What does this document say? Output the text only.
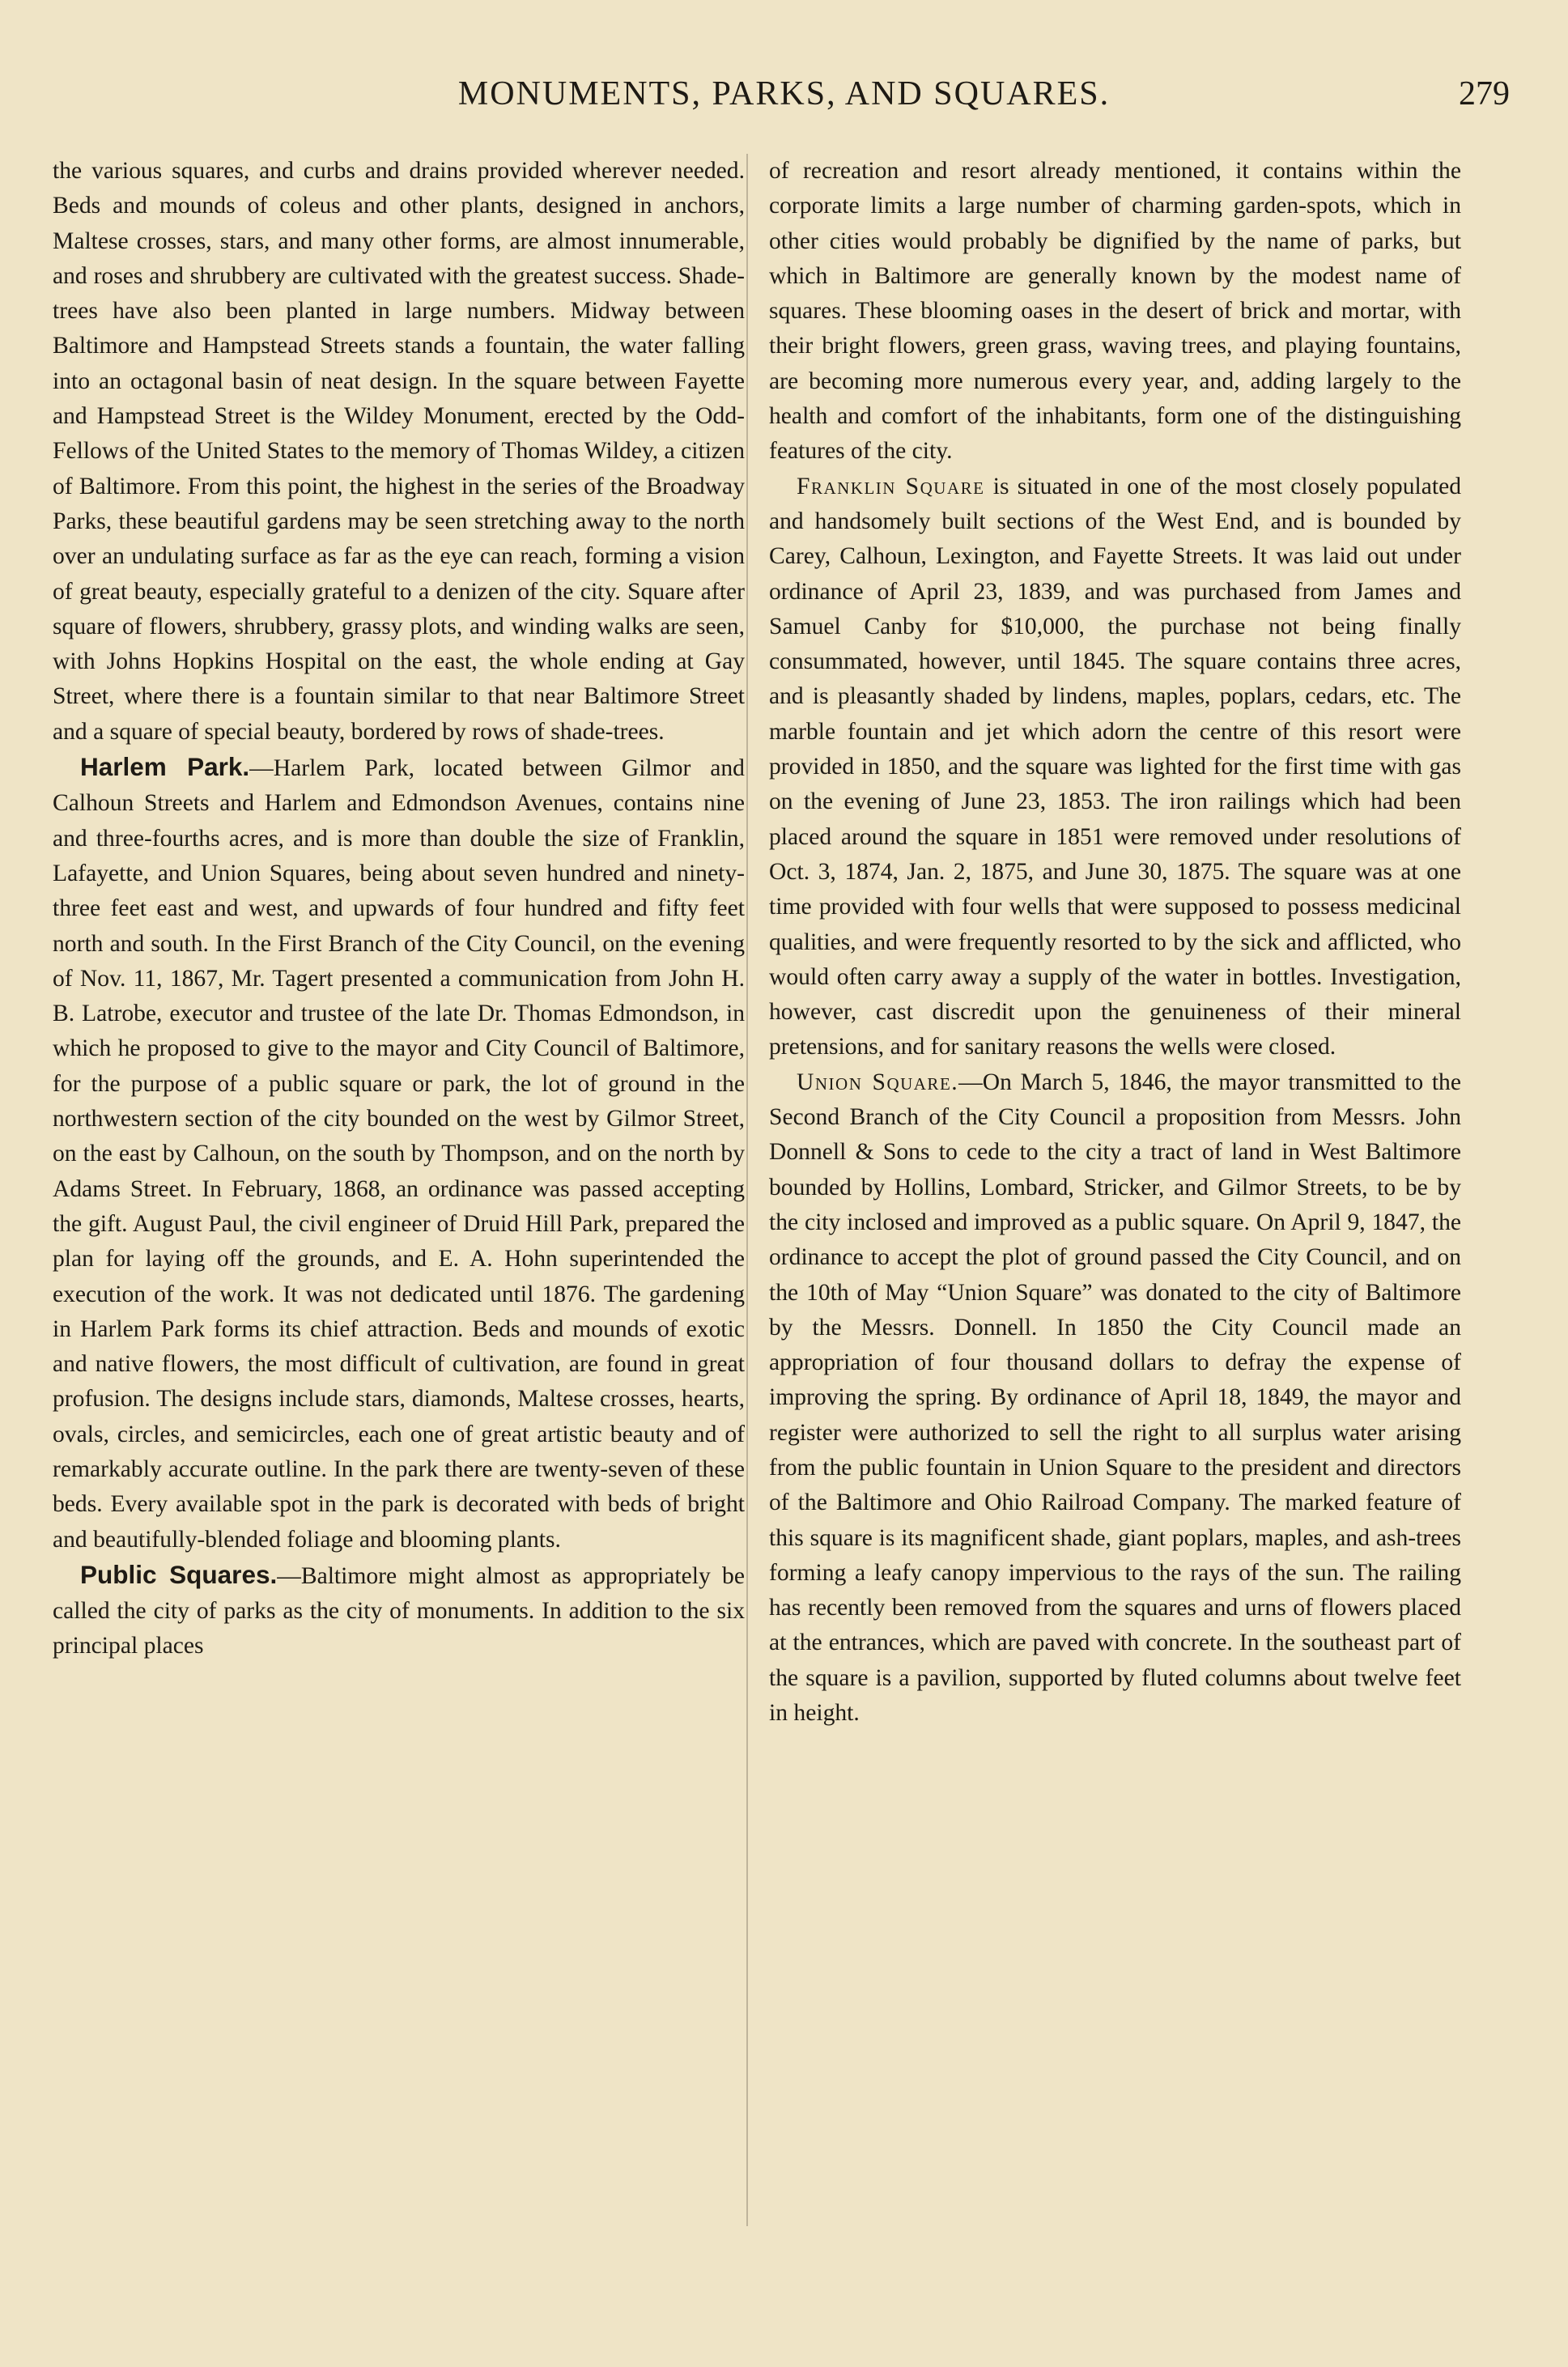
MONUMENTS, PARKS, AND SQUARES.	279

the various squares, and curbs and drains provided wherever needed. Beds and mounds of coleus and other plants, designed in anchors, Maltese crosses, stars, and many other forms, are almost innumerable, and roses and shrubbery are cultivated with the greatest success. Shade-trees have also been planted in large numbers. Midway between Baltimore and Hampstead Streets stands a fountain, the water falling into an octagonal basin of neat design. In the square between Fayette and Hampstead Street is the Wildey Monument, erected by the Odd-Fellows of the United States to the memory of Thomas Wildey, a citizen of Baltimore. From this point, the highest in the series of the Broadway Parks, these beautiful gardens may be seen stretching away to the north over an undulating surface as far as the eye can reach, forming a vision of great beauty, especially grateful to a denizen of the city. Square after square of flowers, shrubbery, grassy plots, and winding walks are seen, with Johns Hopkins Hospital on the east, the whole ending at Gay Street, where there is a fountain similar to that near Baltimore Street and a square of special beauty, bordered by rows of shade-trees.

Harlem Park.—Harlem Park, located between Gilmor and Calhoun Streets and Harlem and Edmondson Avenues, contains nine and three-fourths acres, and is more than double the size of Franklin, Lafayette, and Union Squares, being about seven hundred and ninety-three feet east and west, and upwards of four hundred and fifty feet north and south. In the First Branch of the City Council, on the evening of Nov. 11, 1867, Mr. Tagert presented a communication from John H. B. Latrobe, executor and trustee of the late Dr. Thomas Edmondson, in which he proposed to give to the mayor and City Council of Baltimore, for the purpose of a public square or park, the lot of ground in the northwestern section of the city bounded on the west by Gilmor Street, on the east by Calhoun, on the south by Thompson, and on the north by Adams Street. In February, 1868, an ordinance was passed accepting the gift. August Paul, the civil engineer of Druid Hill Park, prepared the plan for laying off the grounds, and E. A. Hohn superintended the execution of the work. It was not dedicated until 1876. The gardening in Harlem Park forms its chief attraction. Beds and mounds of exotic and native flowers, the most difficult of cultivation, are found in great profusion. The designs include stars, diamonds, Maltese crosses, hearts, ovals, circles, and semicircles, each one of great artistic beauty and of remarkably accurate outline. In the park there are twenty-seven of these beds. Every available spot in the park is decorated with beds of bright and beautifully-blended foliage and blooming plants.

Public Squares.—Baltimore might almost as appropriately be called the city of parks as the city of monuments. In addition to the six principal places

of recreation and resort already mentioned, it contains within the corporate limits a large number of charming garden-spots, which in other cities would probably be dignified by the name of parks, but which in Baltimore are generally known by the modest name of squares. These blooming oases in the desert of brick and mortar, with their bright flowers, green grass, waving trees, and playing fountains, are becoming more numerous every year, and, adding largely to the health and comfort of the inhabitants, form one of the distinguishing features of the city.

Franklin Square is situated in one of the most closely populated and handsomely built sections of the West End, and is bounded by Carey, Calhoun, Lexington, and Fayette Streets. It was laid out under ordinance of April 23, 1839, and was purchased from James and Samuel Canby for $10,000, the purchase not being finally consummated, however, until 1845. The square contains three acres, and is pleasantly shaded by lindens, maples, poplars, cedars, etc. The marble fountain and jet which adorn the centre of this resort were provided in 1850, and the square was lighted for the first time with gas on the evening of June 23, 1853. The iron railings which had been placed around the square in 1851 were removed under resolutions of Oct. 3, 1874, Jan. 2, 1875, and June 30, 1875. The square was at one time provided with four wells that were supposed to possess medicinal qualities, and were frequently resorted to by the sick and afflicted, who would often carry away a supply of the water in bottles. Investigation, however, cast discredit upon the genuineness of their mineral pretensions, and for sanitary reasons the wells were closed.

Union Square.—On March 5, 1846, the mayor transmitted to the Second Branch of the City Council a proposition from Messrs. John Donnell & Sons to cede to the city a tract of land in West Baltimore bounded by Hollins, Lombard, Stricker, and Gilmor Streets, to be by the city inclosed and improved as a public square. On April 9, 1847, the ordinance to accept the plot of ground passed the City Council, and on the 10th of May “Union Square” was donated to the city of Baltimore by the Messrs. Donnell. In 1850 the City Council made an appropriation of four thousand dollars to defray the expense of improving the spring. By ordinance of April 18, 1849, the mayor and register were authorized to sell the right to all surplus water arising from the public fountain in Union Square to the president and directors of the Baltimore and Ohio Railroad Company. The marked feature of this square is its magnificent shade, giant poplars, maples, and ash-trees forming a leafy canopy impervious to the rays of the sun. The railing has recently been removed from the squares and urns of flowers placed at the entrances, which are paved with concrete. In the southeast part of the square is a pavilion, supported by fluted columns about twelve feet in height.
